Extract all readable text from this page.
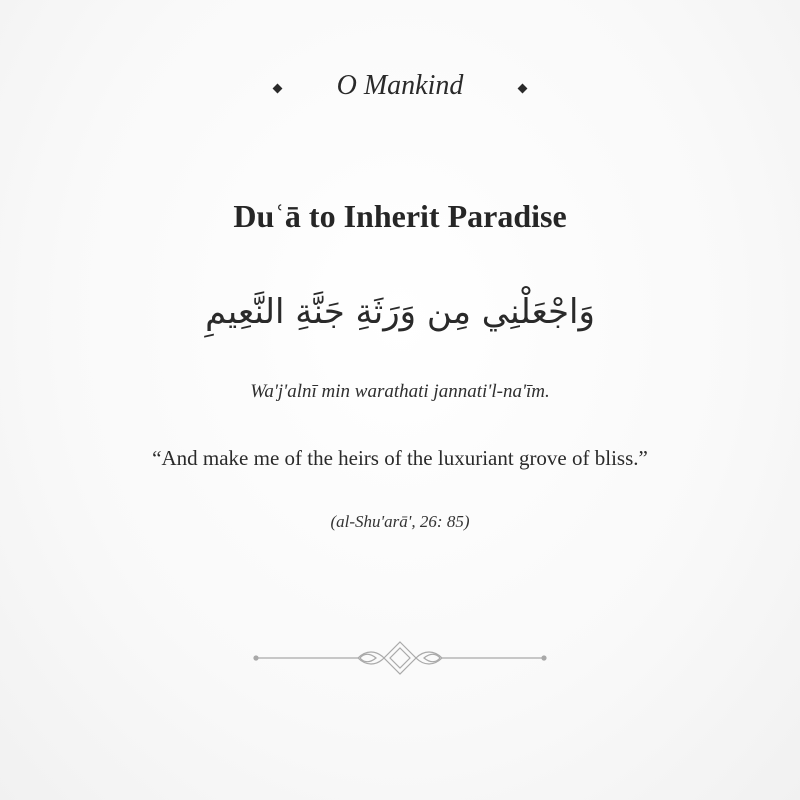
O Mankind
Duʿā to Inherit Paradise
وَاجْعَلْنِي مِن وَرَثَةِ جَنَّةِ النَّعِيمِ
Wa'j'alnī min warathati jannati'l-na'īm.
“And make me of the heirs of the luxuriant grove of bliss.”
(al-Shu'arā', 26: 85)
